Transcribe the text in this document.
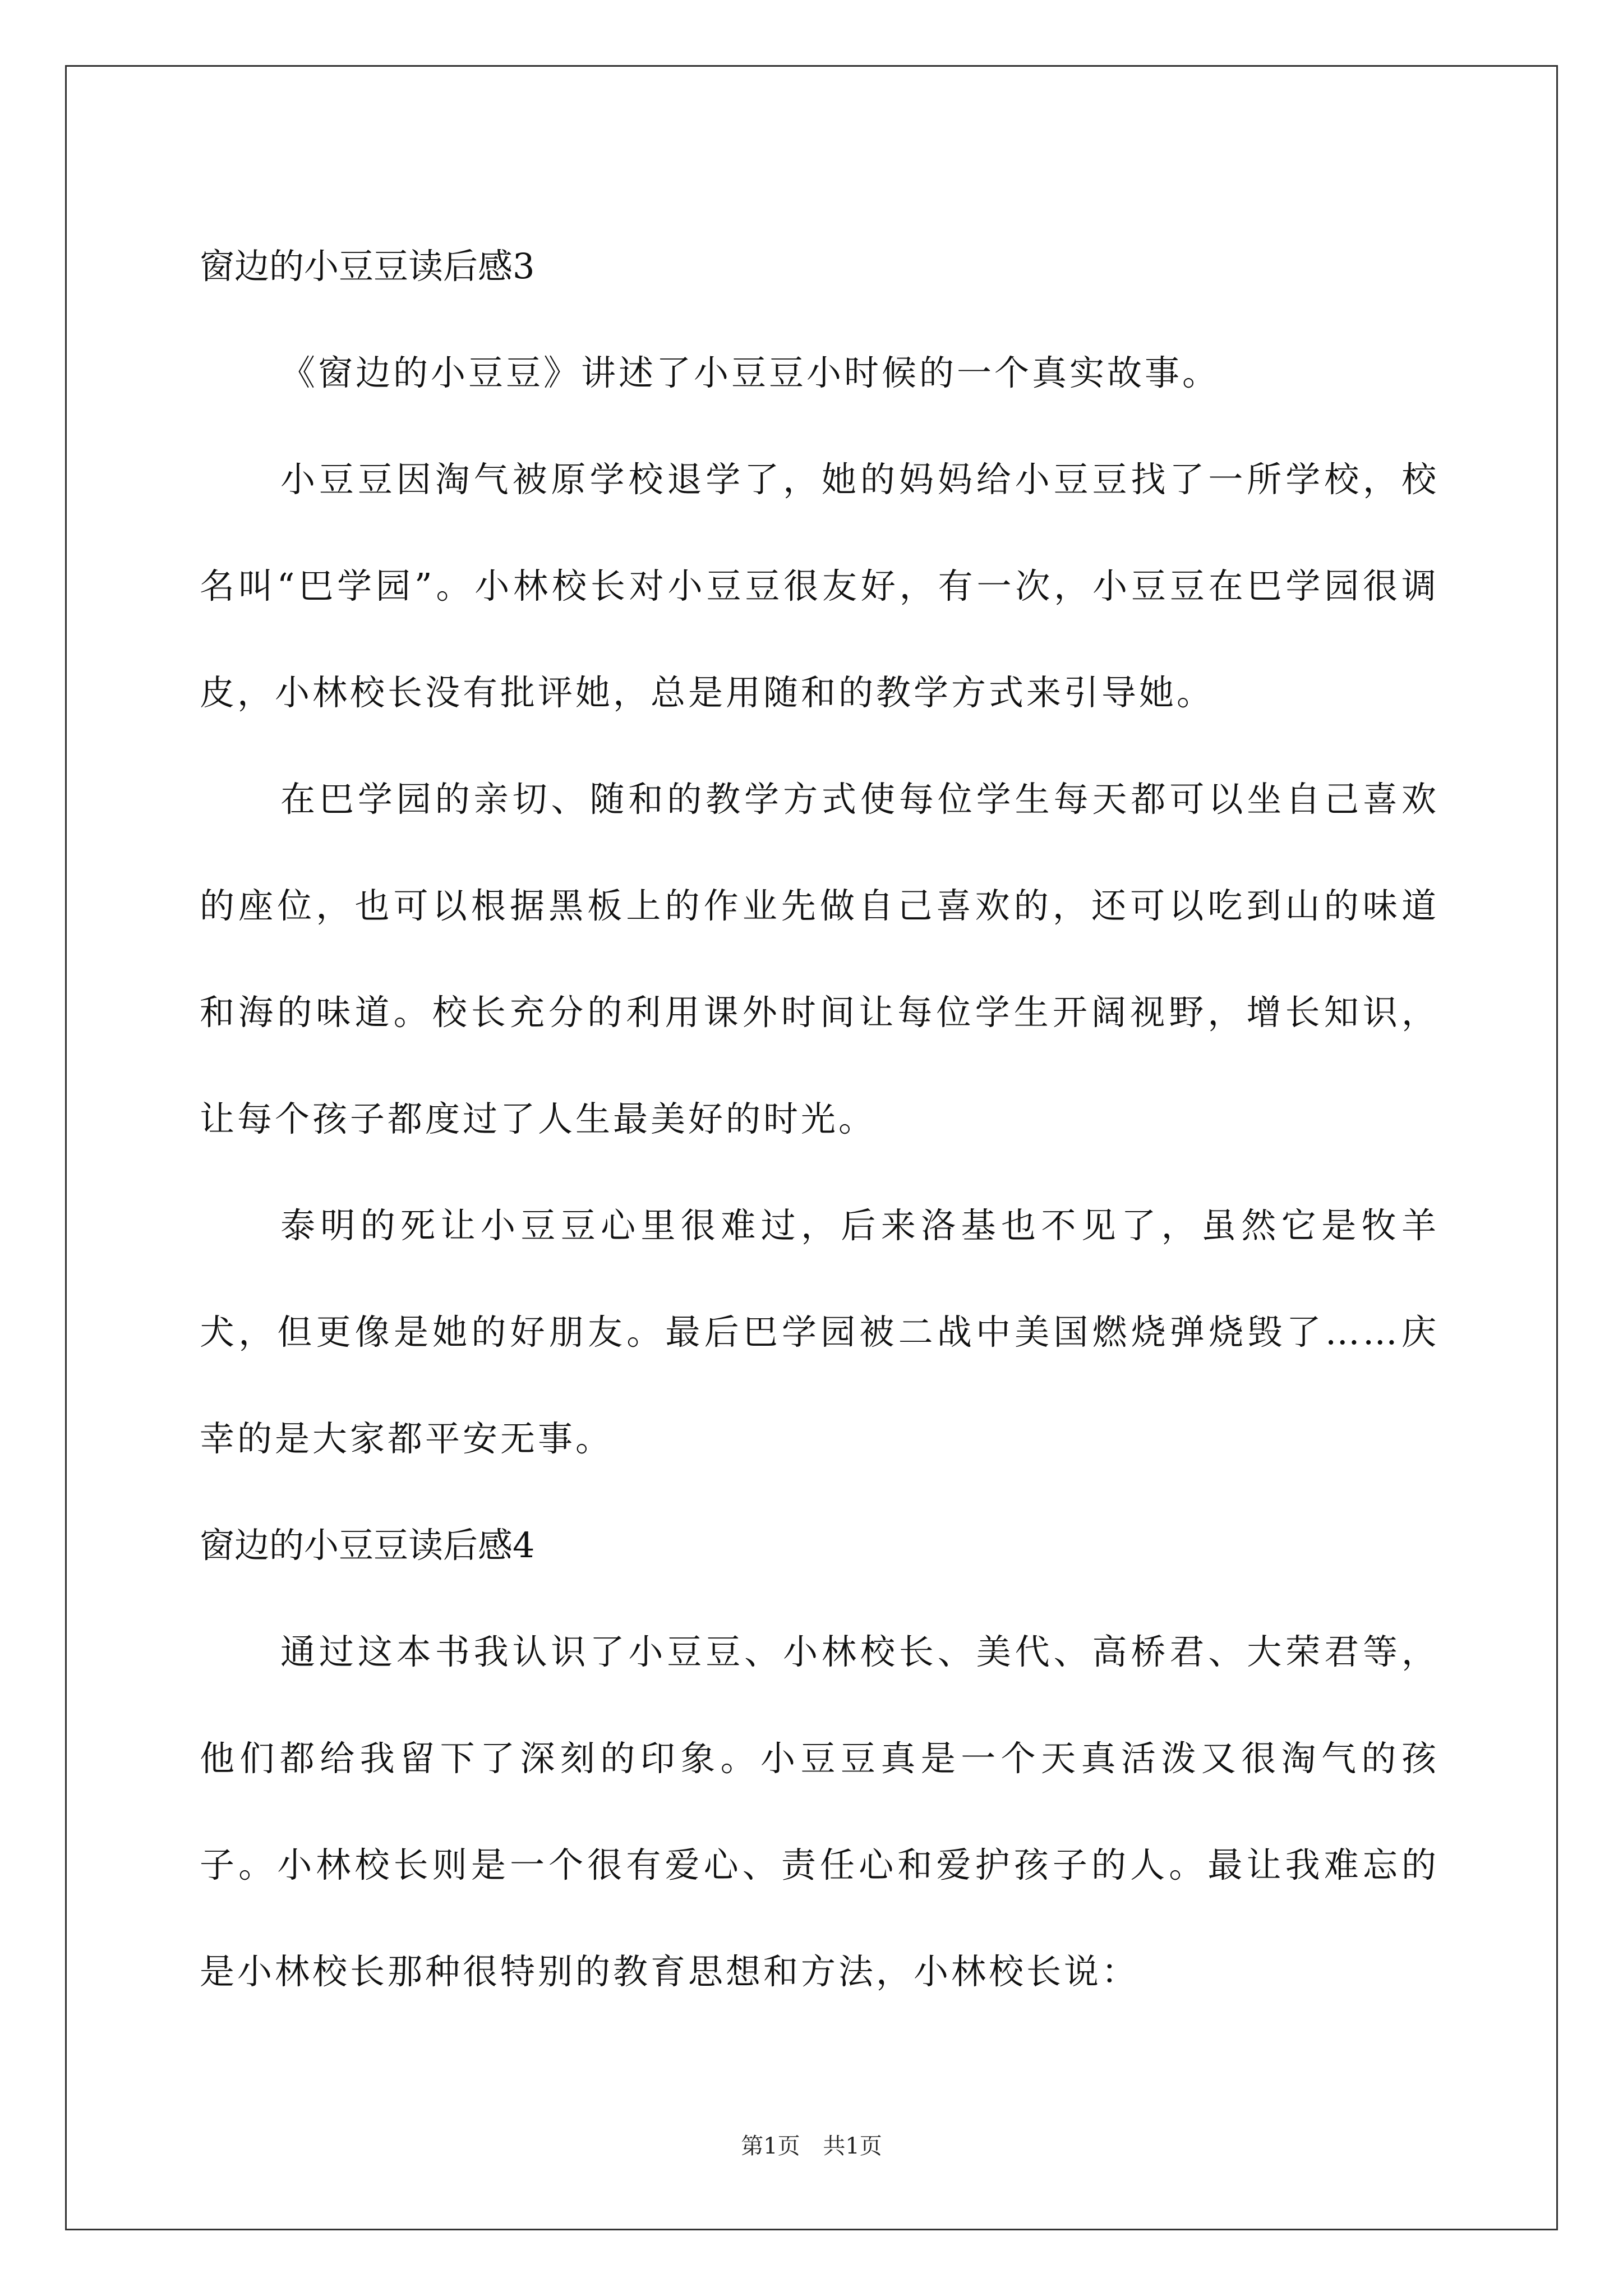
窗边的小豆豆读后感3

《窗边的小豆豆》讲述了小豆豆小时候的一个真实故事。

小豆豆因淘气被原学校退学了，她的妈妈给小豆豆找了一所学校，校名叫“巴学园”。小林校长对小豆豆很友好，有一次，小豆豆在巴学园很调皮，小林校长没有批评她，总是用随和的教学方式来引导她。

在巴学园的亲切、随和的教学方式使每位学生每天都可以坐自己喜欢的座位，也可以根据黑板上的作业先做自己喜欢的，还可以吃到山的味道和海的味道。校长充分的利用课外时间让每位学生开阔视野，增长知识，让每个孩子都度过了人生最美好的时光。

泰明的死让小豆豆心里很难过，后来洛基也不见了，虽然它是牧羊犬，但更像是她的好朋友。最后巴学园被二战中美国燃烧弹烧毁了……庆幸的是大家都平安无事。

窗边的小豆豆读后感4

通过这本书我认识了小豆豆、小林校长、美代、高桥君、大荣君等，他们都给我留下了深刻的印象。小豆豆真是一个天真活泼又很淘气的孩子。小林校长则是一个很有爱心、责任心和爱护孩子的人。最让我难忘的是小林校长那种很特别的教育思想和方法，小林校长说：

第1页 共1页
